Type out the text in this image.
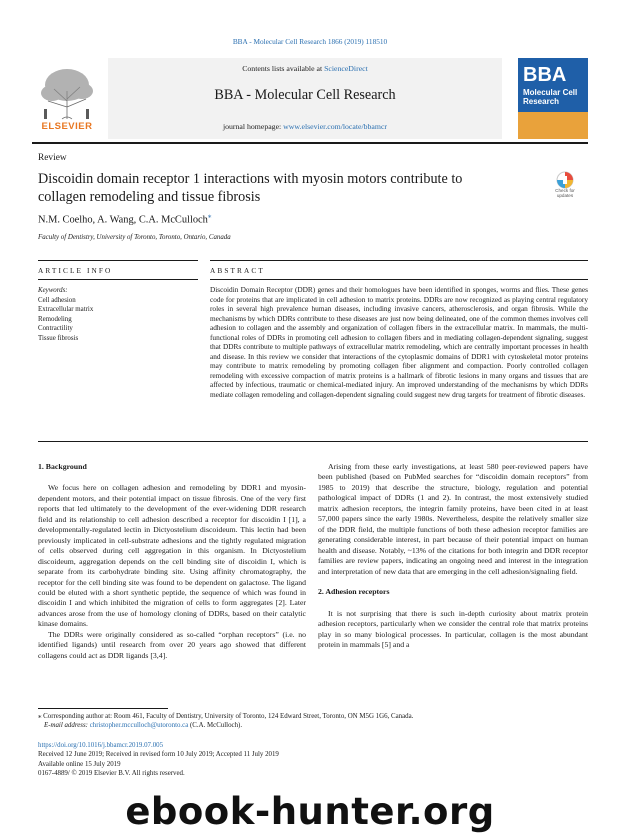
BBA - Molecular Cell Research 1866 (2019) 118510
ELSEVIER
Contents lists available at ScienceDirect
BBA - Molecular Cell Research
journal homepage: www.elsevier.com/locate/bbamcr
BBA
Molecular Cell Research
Review
Discoidin domain receptor 1 interactions with myosin motors contribute to collagen remodeling and tissue fibrosis	Check for updates
N.M. Coelho, A. Wang, C.A. McCulloch⁎
Faculty of Dentistry, University of Toronto, Toronto, Ontario, Canada
ARTICLE INFO	ABSTRACT
Keywords:
Cell adhesion
Extracellular matrix
Remodeling
Contractility
Tissue fibrosis
Discoidin Domain Receptor (DDR) genes and their homologues have been identified in sponges, worms and flies. These genes code for proteins that are implicated in cell adhesion to matrix proteins. DDRs are now recognized as playing central regulatory roles in several high prevalence human diseases, including invasive cancers, atherosclerosis, and organ fibrosis. While the mechanisms by which DDRs contribute to these diseases are just now being delineated, one of the common themes involves cell adhesion to collagen and the assembly and organization of collagen fibers in the extracellular matrix. In mammals, the multi-functional roles of DDRs in promoting cell adhesion to collagen fibers and in mediating collagen-dependent signaling, suggest that DDRs contribute to multiple pathways of extracellular matrix remodeling, which are centrally important processes in health and disease. In this review we consider that interactions of the cytoplasmic domains of DDR1 with cytoskeletal motor proteins may contribute to matrix remodeling by promoting collagen fiber alignment and compaction. Poorly controlled collagen remodeling with excessive compaction of matrix proteins is a hallmark of fibrotic lesions in many organs and tissues that are affected by infectious, traumatic or chemical-mediated injury. An improved understanding of the mechanisms by which DDRs mediate collagen remodeling and collagen-dependent signaling could suggest new drug targets for treatment of fibrotic diseases.
1. Background

We focus here on collagen adhesion and remodeling by DDR1 and myosin-dependent motors, and their potential impact on tissue fibrosis. One of the very first reports that led ultimately to the development of the ever-widening DDR research field and its relationship to cell adhesion described a receptor for discoidin I [1], a developmentally-regulated lectin in Dictyostelium discoideum. This lectin had been previously implicated in cell-substrate adhesions and the tightly regulated migration of cells observed during cell aggregation in this organism. In Dictyostelium discoideum, aggregation depends on the cell binding site of discoidin I, which is separate from its carbohydrate binding site. Using affinity chromatography, the receptor for the cell binding site was found to be dependent on galactose. The ligand could be eluted with a short synthetic peptide, the sequence of which was found in discoidin I and which inhibited the migration of cells to form aggregates [2]. Later advances arose from the use of homology cloning of DDRs, based on their catalytic kinase domains.

The DDRs were originally considered as so-called “orphan receptors” (i.e. no identified ligands) until research from over 20 years ago showed that different collagens could act as DDR ligands [3,4].

Arising from these early investigations, at least 580 peer-reviewed papers have been published (based on PubMed searches for “discoidin domain receptors” from 1985 to 2019) that describe the structure, biology, regulation and potential pathological impact of DDRs (1 and 2). In contrast, the most extensively studied matrix adhesion receptors, the integrin family proteins, have been cited in at least 57,000 papers since the early 1980s. Nevertheless, despite the relatively smaller size of the DDR field, the multiple functions of both these adhesion receptor families are generating considerable interest, in part because of their potential impact on human health and disease. Notably, ~13% of the citations for both integrin and DDR receptor families are review papers, indicating an ongoing need and interest in the integration and interpretation of new data that are emerging in the cell adhesion/signaling field.

2. Adhesion receptors

It is not surprising that there is such in-depth curiosity about matrix protein adhesion receptors, particularly when we consider the central role that matrix proteins play in so many biological processes. In particular, collagen is the most abundant protein in mammals [5] and a

⁎ Corresponding author at: Room 461, Faculty of Dentistry, University of Toronto, 124 Edward Street, Toronto, ON M5G 1G6, Canada.
E-mail address: christopher.mcculloch@utoronto.ca (C.A. McCulloch).
https://doi.org/10.1016/j.bbamcr.2019.07.005
Received 12 June 2019; Received in revised form 10 July 2019; Accepted 11 July 2019
Available online 15 July 2019
0167-4889/ © 2019 Elsevier B.V. All rights reserved.
ebook-hunter.org
